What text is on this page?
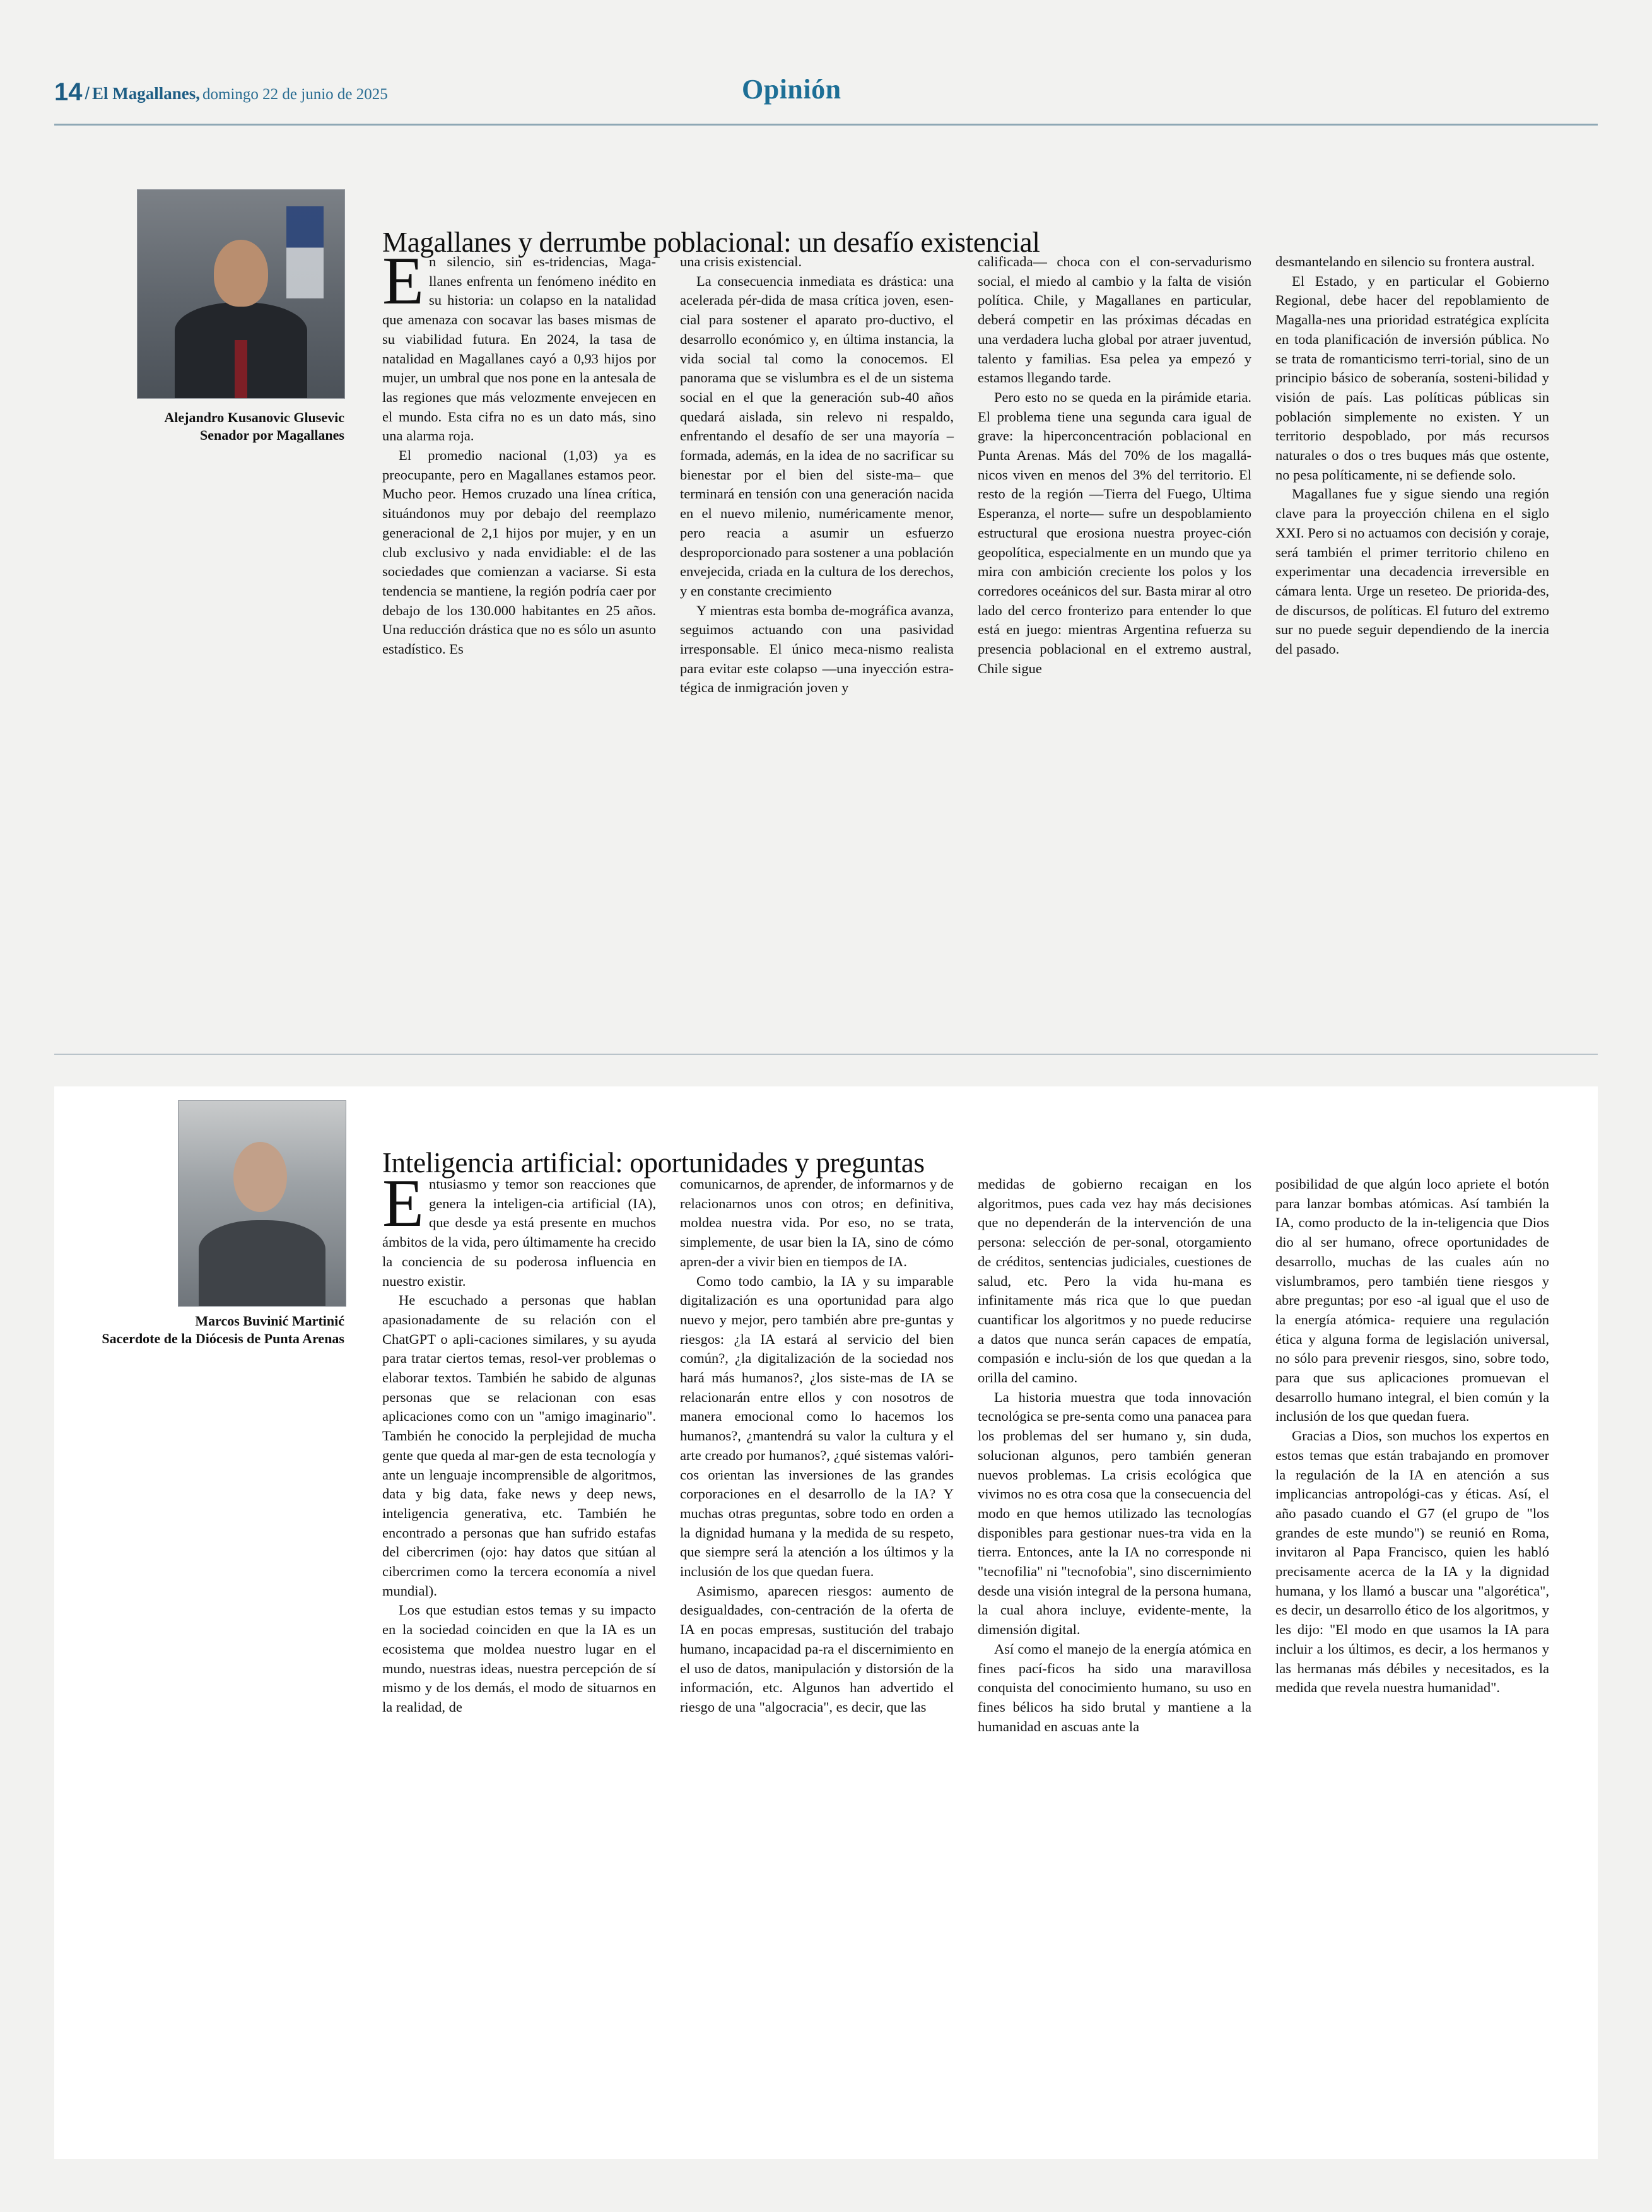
14 / El Magallanes, domingo 22 de junio de 2025	Opinión
Alejandro Kusanovic Glusevic
Senador por Magallanes
Magallanes y derrumbe poblacional: un desafío existencial

En silencio, sin es-tridencias, Maga-llanes enfrenta un fenómeno inédito en su historia: un colapso en la natalidad que amenaza con socavar las bases mismas de su viabilidad futura. En 2024, la tasa de natalidad en Magallanes cayó a 0,93 hijos por mujer, un umbral que nos pone en la antesala de las regiones que más velozmente envejecen en el mundo. Esta cifra no es un dato más, sino una alarma roja.

El promedio nacional (1,03) ya es preocupante, pero en Magallanes estamos peor. Mucho peor. Hemos cruzado una línea crítica, situándonos muy por debajo del reemplazo generacional de 2,1 hijos por mujer, y en un club exclusivo y nada envidiable: el de las sociedades que comienzan a vaciarse. Si esta tendencia se mantiene, la región podría caer por debajo de los 130.000 habitantes en 25 años. Una reducción drástica que no es sólo un asunto estadístico. Es

una crisis existencial.

La consecuencia inmediata es drástica: una acelerada pér-dida de masa crítica joven, esen-cial para sostener el aparato pro-ductivo, el desarrollo económico y, en última instancia, la vida social tal como la conocemos. El panorama que se vislumbra es el de un sistema social en el que la generación sub-40 años quedará aislada, sin relevo ni respaldo, enfrentando el desafío de ser una mayoría –formada, además, en la idea de no sacrificar su bienestar por el bien del siste-ma– que terminará en tensión con una generación nacida en el nuevo milenio, numéricamente menor, pero reacia a asumir un esfuerzo desproporcionado para sostener a una población envejecida, criada en la cultura de los derechos, y en constante crecimiento

Y mientras esta bomba de-mográfica avanza, seguimos actuando con una pasividad irresponsable. El único meca-nismo realista para evitar este colapso —una inyección estra-tégica de inmigración joven y

calificada— choca con el con-servadurismo social, el miedo al cambio y la falta de visión política. Chile, y Magallanes en particular, deberá competir en las próximas décadas en una verdadera lucha global por atraer juventud, talento y familias. Esa pelea ya empezó y estamos llegando tarde.

Pero esto no se queda en la pirámide etaria. El problema tiene una segunda cara igual de grave: la hiperconcentración poblacional en Punta Arenas. Más del 70% de los magallá-nicos viven en menos del 3% del territorio. El resto de la región —Tierra del Fuego, Ultima Esperanza, el norte— sufre un despoblamiento estructural que erosiona nuestra proyec-ción geopolítica, especialmente en un mundo que ya mira con ambición creciente los polos y los corredores oceánicos del sur. Basta mirar al otro lado del cerco fronterizo para entender lo que está en juego: mientras Argentina refuerza su presencia poblacional en el extremo austral, Chile sigue

desmantelando en silencio su frontera austral.

El Estado, y en particular el Gobierno Regional, debe hacer del repoblamiento de Magalla-nes una prioridad estratégica explícita en toda planificación de inversión pública. No se trata de romanticismo terri-torial, sino de un principio básico de soberanía, sosteni-bilidad y visión de país. Las políticas públicas sin población simplemente no existen. Y un territorio despoblado, por más recursos naturales o dos o tres buques más que ostente, no pesa políticamente, ni se defiende solo.

Magallanes fue y sigue siendo una región clave para la proyección chilena en el siglo XXI. Pero si no actuamos con decisión y coraje, será también el primer territorio chileno en experimentar una decadencia irreversible en cámara lenta. Urge un reseteo. De priorida-des, de discursos, de políticas. El futuro del extremo sur no puede seguir dependiendo de la inercia del pasado.

Marcos Buvinić Martinić
Sacerdote de la Diócesis de Punta Arenas
Inteligencia artificial: oportunidades y preguntas

Entusiasmo y temor son reacciones que genera la inteligen-cia artificial (IA), que desde ya está presente en muchos ámbitos de la vida, pero últimamente ha crecido la conciencia de su poderosa influencia en nuestro existir.

He escuchado a personas que hablan apasionadamente de su relación con el ChatGPT o apli-caciones similares, y su ayuda para tratar ciertos temas, resol-ver problemas o elaborar textos. También he sabido de algunas personas que se relacionan con esas aplicaciones como con un "amigo imaginario". También he conocido la perplejidad de mucha gente que queda al mar-gen de esta tecnología y ante un lenguaje incomprensible de algoritmos, data y big data, fake news y deep news, inteligencia generativa, etc. También he encontrado a personas que han sufrido estafas del cibercrimen (ojo: hay datos que sitúan al cibercrimen como la tercera economía a nivel mundial).

Los que estudian estos temas y su impacto en la sociedad coinciden en que la IA es un ecosistema que moldea nuestro lugar en el mundo, nuestras ideas, nuestra percepción de sí mismo y de los demás, el modo de situarnos en la realidad, de

comunicarnos, de aprender, de informarnos y de relacionarnos unos con otros; en definitiva, moldea nuestra vida. Por eso, no se trata, simplemente, de usar bien la IA, sino de cómo apren-der a vivir bien en tiempos de IA.

Como todo cambio, la IA y su imparable digitalización es una oportunidad para algo nuevo y mejor, pero también abre pre-guntas y riesgos: ¿la IA estará al servicio del bien común?, ¿la digitalización de la sociedad nos hará más humanos?, ¿los siste-mas de IA se relacionarán entre ellos y con nosotros de manera emocional como lo hacemos los humanos?, ¿mantendrá su valor la cultura y el arte creado por humanos?, ¿qué sistemas valóri-cos orientan las inversiones de las grandes corporaciones en el desarrollo de la IA? Y muchas otras preguntas, sobre todo en orden a la dignidad humana y la medida de su respeto, que siempre será la atención a los últimos y la inclusión de los que quedan fuera.

Asimismo, aparecen riesgos: aumento de desigualdades, con-centración de la oferta de IA en pocas empresas, sustitución del trabajo humano, incapacidad pa-ra el discernimiento en el uso de datos, manipulación y distorsión de la información, etc. Algunos han advertido el riesgo de una "algocracia", es decir, que las

medidas de gobierno recaigan en los algoritmos, pues cada vez hay más decisiones que no dependerán de la intervención de una persona: selección de per-sonal, otorgamiento de créditos, sentencias judiciales, cuestiones de salud, etc. Pero la vida hu-mana es infinitamente más rica que lo que puedan cuantificar los algoritmos y no puede reducirse a datos que nunca serán capaces de empatía, compasión e inclu-sión de los que quedan a la orilla del camino.

La historia muestra que toda innovación tecnológica se pre-senta como una panacea para los problemas del ser humano y, sin duda, solucionan algunos, pero también generan nuevos problemas. La crisis ecológica que vivimos no es otra cosa que la consecuencia del modo en que hemos utilizado las tecnologías disponibles para gestionar nues-tra vida en la tierra. Entonces, ante la IA no corresponde ni "tecnofilia" ni "tecnofobia", sino discernimiento desde una visión integral de la persona humana, la cual ahora incluye, evidente-mente, la dimensión digital.

Así como el manejo de la energía atómica en fines pací-ficos ha sido una maravillosa conquista del conocimiento humano, su uso en fines bélicos ha sido brutal y mantiene a la humanidad en ascuas ante la

posibilidad de que algún loco apriete el botón para lanzar bombas atómicas. Así también la IA, como producto de la in-teligencia que Dios dio al ser humano, ofrece oportunidades de desarrollo, muchas de las cuales aún no vislumbramos, pero también tiene riesgos y abre preguntas; por eso -al igual que el uso de la energía atómica- requiere una regulación ética y alguna forma de legislación universal, no sólo para prevenir riesgos, sino, sobre todo, para que sus aplicaciones promuevan el desarrollo humano integral, el bien común y la inclusión de los que quedan fuera.

Gracias a Dios, son muchos los expertos en estos temas que están trabajando en promover la regulación de la IA en atención a sus implicancias antropológi-cas y éticas. Así, el año pasado cuando el G7 (el grupo de "los grandes de este mundo") se reunió en Roma, invitaron al Papa Francisco, quien les habló precisamente acerca de la IA y la dignidad humana, y los llamó a buscar una "algorética", es decir, un desarrollo ético de los algoritmos, y les dijo: "El modo en que usamos la IA para incluir a los últimos, es decir, a los hermanos y las hermanas más débiles y necesitados, es la medida que revela nuestra humanidad".
